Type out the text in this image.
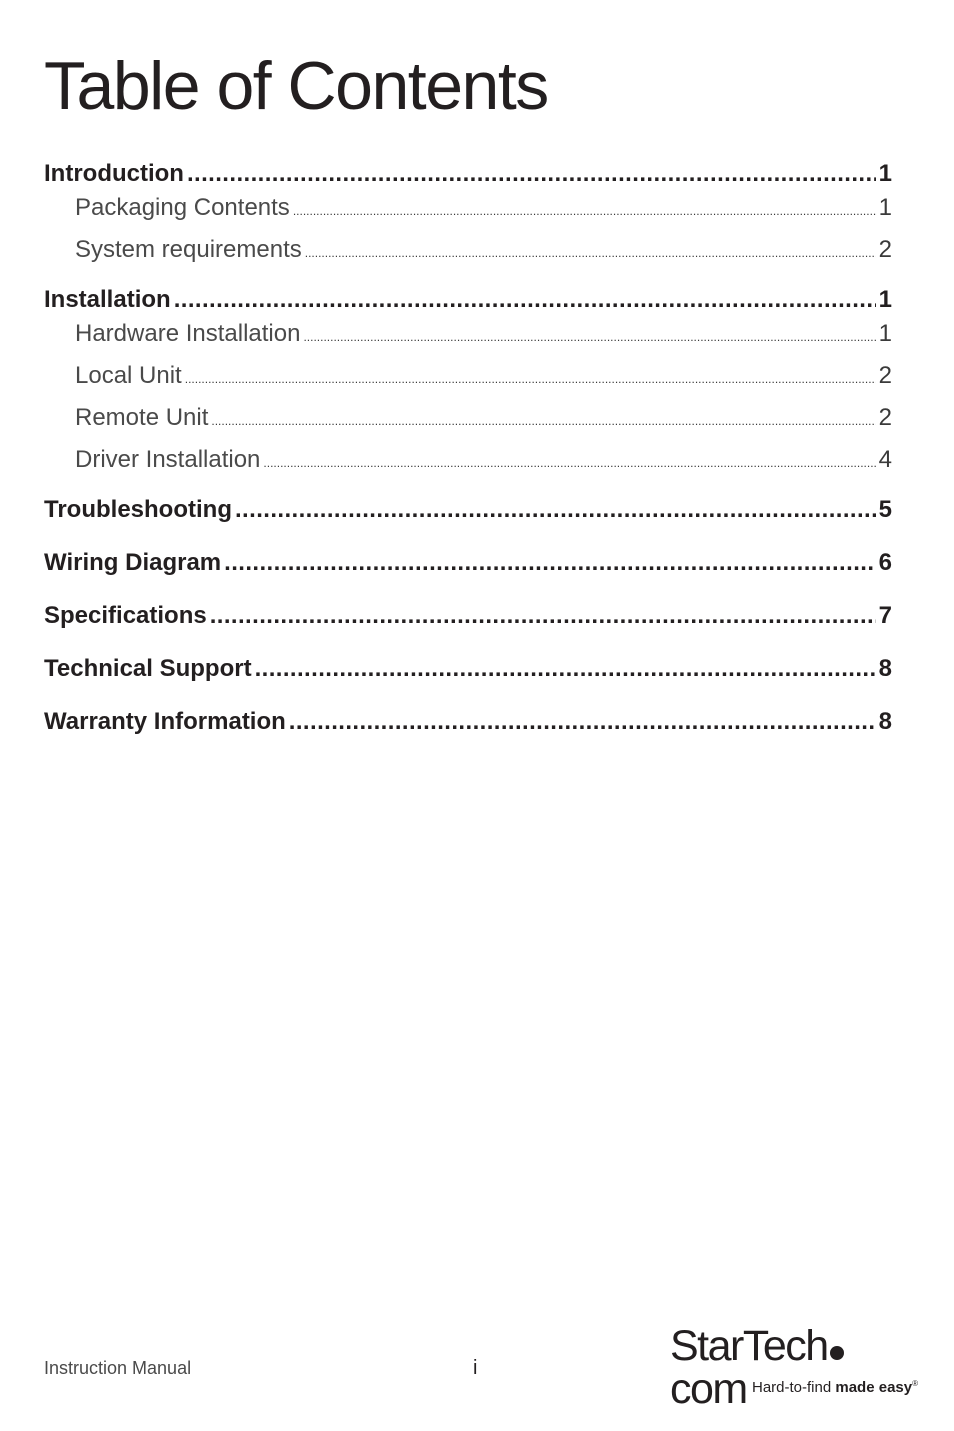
Table of Contents
Introduction .....	1
Packaging Contents .....	1
System requirements .....	2
Installation .....	1
Hardware Installation .....	1
Local Unit .....	2
Remote Unit .....	2
Driver Installation .....	4
Troubleshooting .....	5
Wiring Diagram .....	6
Specifications .....	7
Technical Support .....	8
Warranty Information .....	8
Instruction Manual	i	StarTechcom Hard-to-find made easy®
